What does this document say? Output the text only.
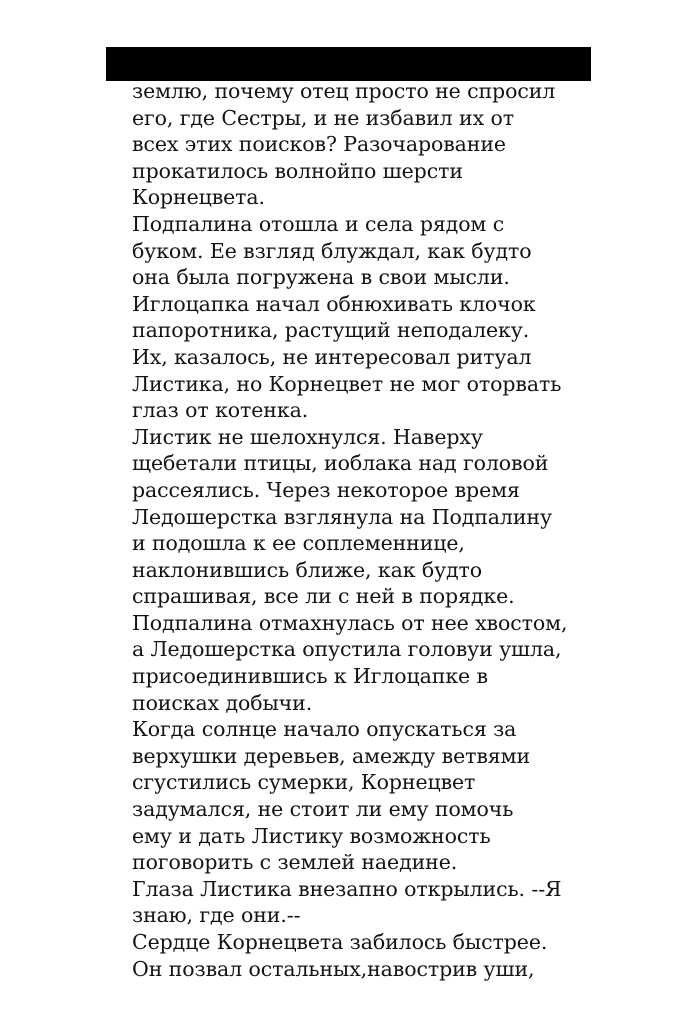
землю, почему отец просто не спросил
его, где Сестры, и не избавил их от
всех этих поисков? Разочарование
прокатилось волнойпо шерсти
Корнецвета.
Подпалина отошла и села рядом с
буком. Ее взгляд блуждал, как будто
она была погружена в свои мысли.
Иглоцапка начал обнюхивать клочок
папоротника, растущий неподалеку.
Их, казалось, не интересовал ритуал
Листика, но Корнецвет не мог оторвать
глаз от котенка.
Листик не шелохнулся. Наверху
щебетали птицы, иоблака над головой
рассеялись. Через некоторое время
Ледошерстка взглянула на Подпалину
и подошла к ее соплеменнице,
наклонившись ближе, как будто
спрашивая, все ли с ней в порядке.
Подпалина отмахнулась от нее хвостом,
а Ледошерстка опустила головуи ушла,
присоединившись к Иглоцапке в
поисках добычи.
Когда солнце начало опускаться за
верхушки деревьев, амежду ветвями
сгустились сумерки, Корнецвет
задумался, не стоит ли ему помочь
ему и дать Листику возможность
поговорить с землей наедине.
Глаза Листика внезапно открылись. --Я
знаю, где они.--
Сердце Корнецвета забилось быстрее.
Он позвал остальных,навострив уши,
